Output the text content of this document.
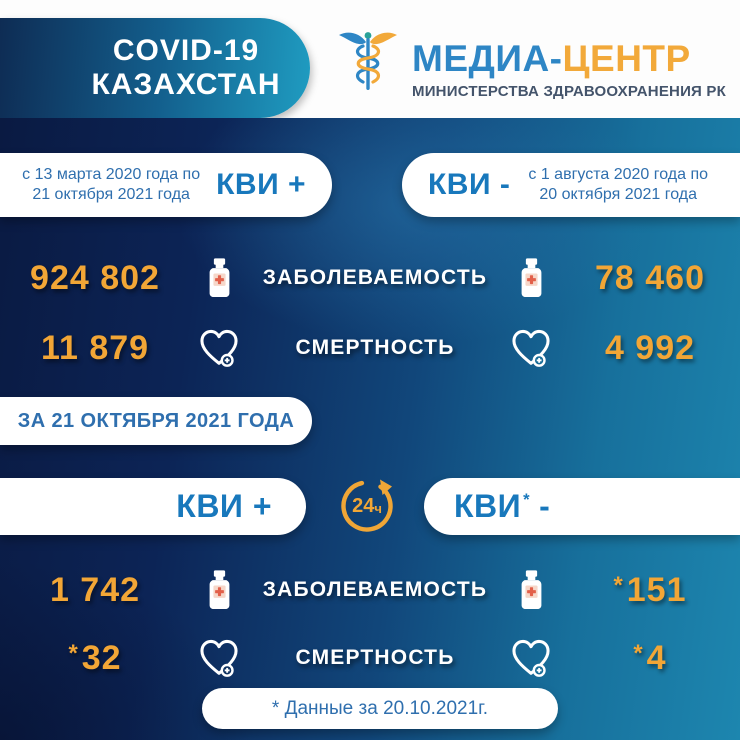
COVID-19
КАЗАХСТАН
МЕДИА-ЦЕНТР
МИНИСТЕРСТВА ЗДРАВООХРАНЕНИЯ РК
с 13 марта 2020 года по
21 октября 2021 года КВИ +	КВИ - с 1 августа 2020 года по
20 октября 2021 года
924 802	ЗАБОЛЕВАЕМОСТЬ	78 460
11 879	СМЕРТНОСТЬ	4 992
ЗА 21 ОКТЯБРЯ 2021 ГОДА
КВИ +	24 ч КВИ * -
1 742	ЗАБОЛЕВАЕМОСТЬ	*151
*32	СМЕРТНОСТЬ	*4
* Данные за 20.10.2021г.
